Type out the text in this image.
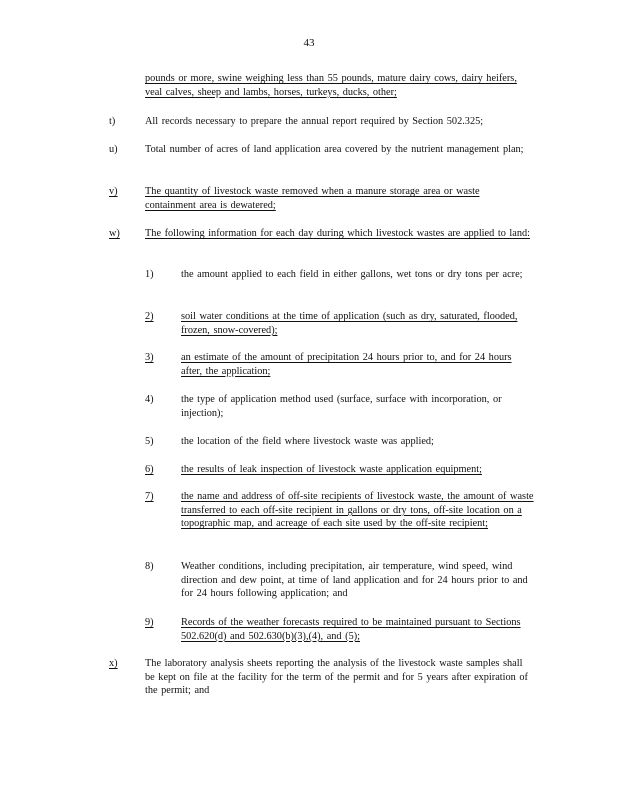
43
pounds or more, swine weighing less than 55 pounds, mature dairy cows, dairy heifers, veal calves, sheep and lambs, horses, turkeys, ducks, other;
t)	All records necessary to prepare the annual report required by Section 502.325;
u)	Total number of acres of land application area covered by the nutrient management plan;
v)	The quantity of livestock waste removed when a manure storage area or waste containment area is dewatered;
w) The following information for each day during which livestock wastes are applied to land:
1)	the amount applied to each field in either gallons, wet tons or dry tons per acre;
2)	soil water conditions at the time of application (such as dry, saturated, flooded, frozen, snow-covered);
3)	an estimate of the amount of precipitation 24 hours prior to, and for 24 hours after, the application;
4)	the type of application method used (surface, surface with incorporation, or injection);
5)	the location of the field where livestock waste was applied;
6)	the results of leak inspection of livestock waste application equipment;
7)	the name and address of off-site recipients of livestock waste, the amount of waste transferred to each off-site recipient in gallons or dry tons, off-site location on a topographic map, and acreage of each site used by the off-site recipient;
8)	Weather conditions, including precipitation, air temperature, wind speed, wind direction and dew point, at time of land application and for 24 hours prior to and for 24 hours following application; and
9)	Records of the weather forecasts required to be maintained pursuant to Sections 502.620(d) and 502.630(b)(3),(4), and (5);
x)	The laboratory analysis sheets reporting the analysis of the livestock waste samples shall be kept on file at the facility for the term of the permit and for 5 years after expiration of the permit; and
